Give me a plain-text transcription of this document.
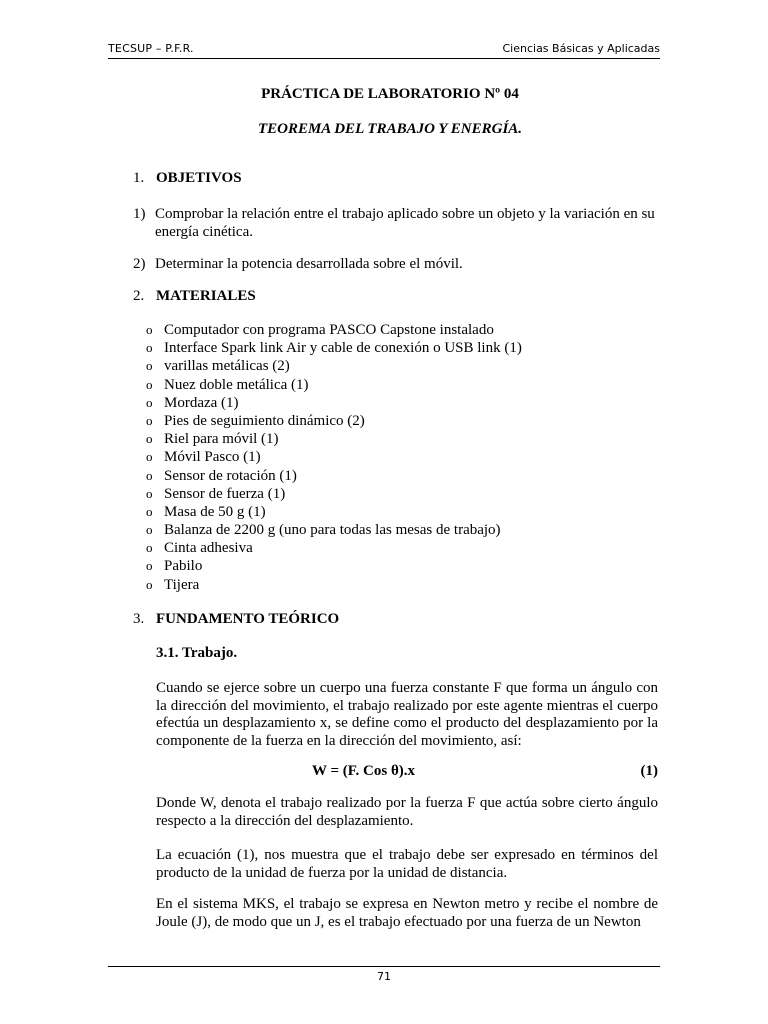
TECSUP – P.F.R.	Ciencias Básicas y Aplicadas
PRÁCTICA DE LABORATORIO Nº 04
TEOREMA DEL TRABAJO Y ENERGÍA.
1. OBJETIVOS
1) Comprobar la relación entre el trabajo aplicado sobre un objeto y la variación en su energía cinética.
2) Determinar la potencia desarrollada sobre el móvil.
2. MATERIALES
o Computador con programa PASCO Capstone instalado
o Interface Spark link Air y cable de conexión o USB link (1)
o varillas metálicas (2)
o Nuez doble metálica (1)
o Mordaza (1)
o Pies de seguimiento dinámico (2)
o Riel para móvil (1)
o Móvil Pasco (1)
o Sensor de rotación (1)
o Sensor de fuerza (1)
o Masa de 50 g (1)
o Balanza de 2200 g (uno para todas las mesas de trabajo)
o Cinta adhesiva
o Pabilo
o Tijera
3. FUNDAMENTO TEÓRICO
3.1. Trabajo.

Cuando se ejerce sobre un cuerpo una fuerza constante F que forma un ángulo con la dirección del movimiento, el trabajo realizado por este agente mientras el cuerpo efectúa un desplazamiento x, se define como el producto del desplazamiento por la componente de la fuerza en la dirección del movimiento, así:

W = (F. Cos θ).x	(1)

Donde W, denota el trabajo realizado por la fuerza F que actúa sobre cierto ángulo respecto a la dirección del desplazamiento.

La ecuación (1), nos muestra que el trabajo debe ser expresado en términos del producto de la unidad de fuerza por la unidad de distancia.

En el sistema MKS, el trabajo se expresa en Newton metro y recibe el nombre de Joule (J), de modo que un J, es el trabajo efectuado por una fuerza de un Newton

71
